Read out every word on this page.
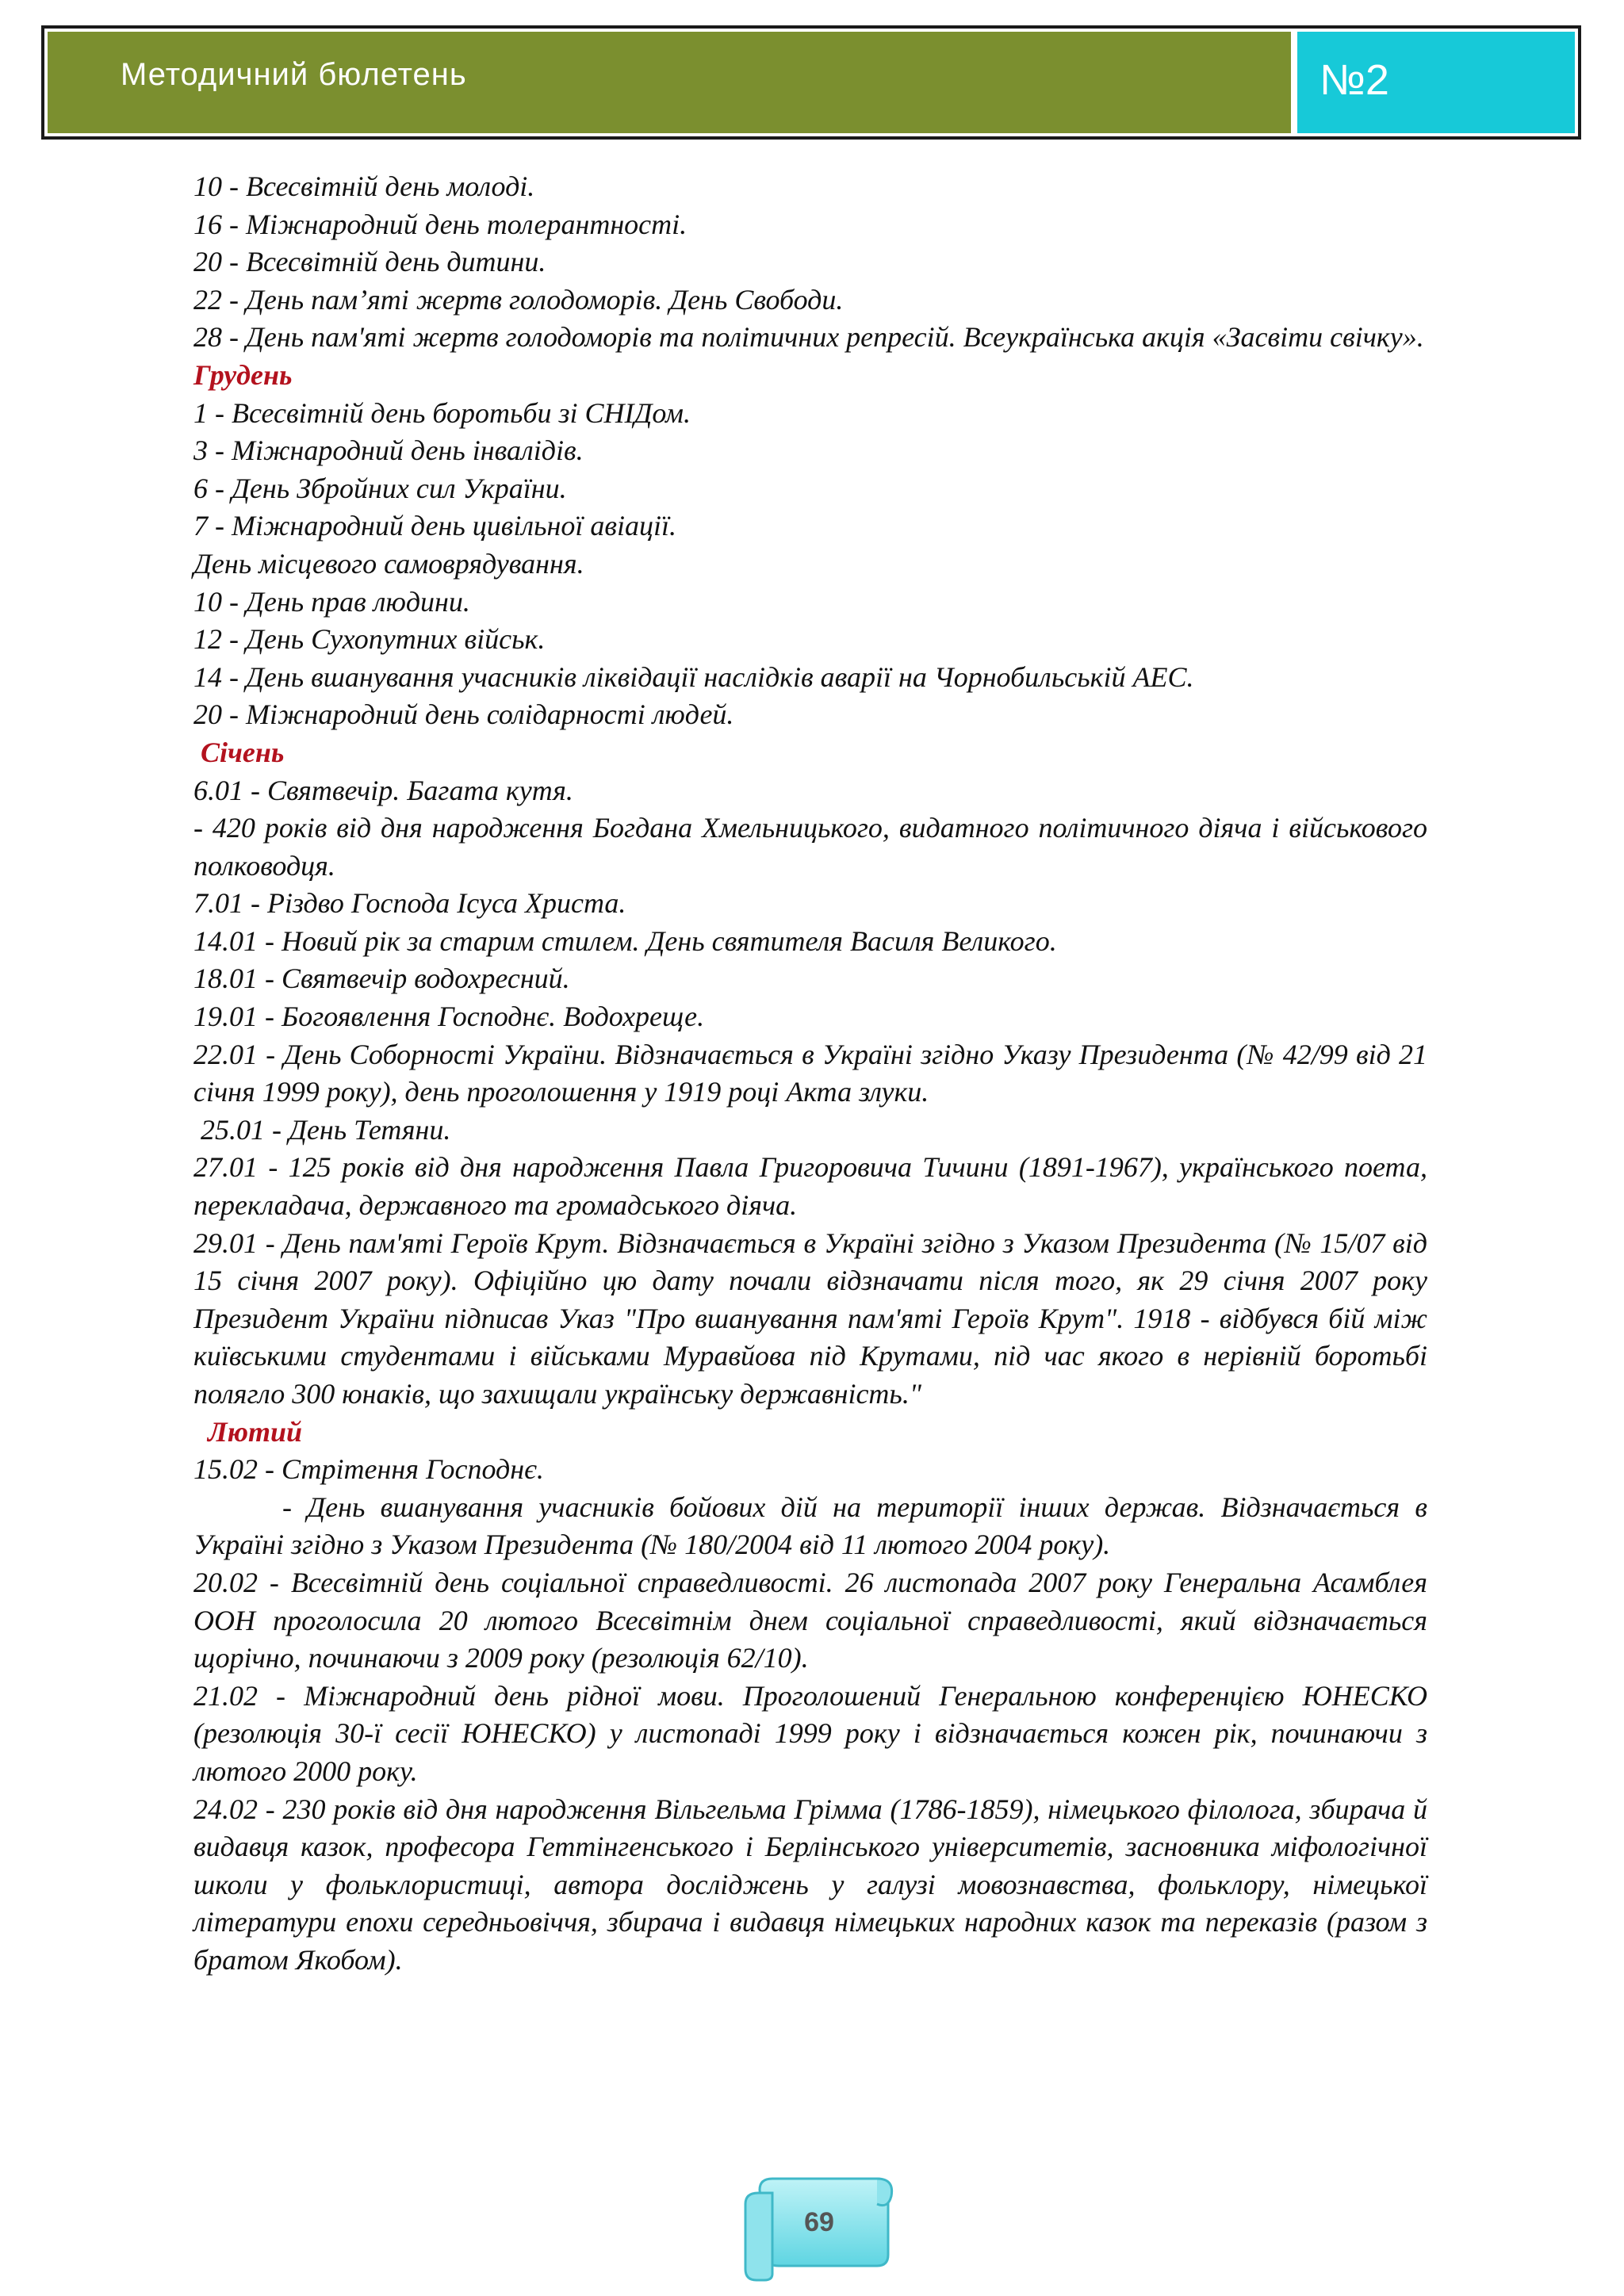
Методичний бюлетень	№2

10 - Всесвітній день молоді.

16 - Міжнародний день толерантності.

20 - Всесвітній день дитини.

22 - День пам’яті жертв голодоморів. День Свободи.

28 - День пам'яті жертв голодоморів та політичних репресій. Всеукраїнська акція «Засвіти свічку».

Грудень

1 - Всесвітній день боротьби зі СНІДом.

3 - Міжнародний день інвалідів.

6 - День Збройних сил України.

7 - Міжнародний день цивільної авіації.

День місцевого самоврядування.

10 - День прав людини.

12 - День Сухопутних військ.

14 - День вшанування учасників ліквідації наслідків аварії на Чорнобильській АЕС.

20 - Міжнародний день солідарності людей.

Січень

6.01 - Святвечір. Багата кутя.

- 420 років від дня народження Богдана Хмельницького, видатного політичного діяча і військового полководця.

7.01 - Різдво Господа Ісуса Христа.

14.01 - Новий рік за старим стилем. День святителя Василя Великого.

18.01 - Святвечір водохресний.

19.01 - Богоявлення Господнє. Водохреще.

22.01 - День Соборності України. Відзначається в Україні згідно Указу Президента (№ 42/99 від 21 січня 1999 року), день проголошення у 1919 році Акта злуки.

25.01 - День Тетяни.

27.01 - 125 років від дня народження Павла Григоровича Тичини (1891-1967), українського поета, перекладача, державного та громадського діяча.

29.01 - День пам'яті Героїв Крут. Відзначається в Україні згідно з Указом Президента (№ 15/07 від 15 січня 2007 року). Офіційно цю дату почали відзначати після того, як 29 січня 2007 року Президент України підписав Указ "Про вшанування пам'яті Героїв Крут". 1918 - відбувся бій між київськими студентами і військами Муравйова під Крутами, під час якого в нерівній боротьбі полягло 300 юнаків, що захищали українську державність."

Лютий

15.02 - Стрітення Господнє.

- День вшанування учасників бойових дій на території інших держав. Відзначається в Україні згідно з Указом Президента (№ 180/2004 від 11 лютого 2004 року).

20.02 - Всесвітній день соціальної справедливості. 26 листопада 2007 року Генеральна Асамблея ООН проголосила 20 лютого Всесвітнім днем соціальної справедливості, який відзначається щорічно, починаючи з 2009 року (резолюція 62/10).

21.02 - Міжнародний день рідної мови. Проголошений Генеральною конференцією ЮНЕСКО (резолюція 30-ї сесії ЮНЕСКО) у листопаді 1999 року і відзначається кожен рік, починаючи з лютого 2000 року.

24.02 - 230 років від дня народження Вільгельма Грімма (1786-1859), німецького філолога, збирача й видавця казок, професора Геттінгенського і Берлінського університетів, засновника міфологічної школи у фольклористиці, автора досліджень у галузі мовознавства, фольклору, німецької літератури епохи середньовіччя, збирача і видавця німецьких народних казок та переказів (разом з братом Якобом).

69
